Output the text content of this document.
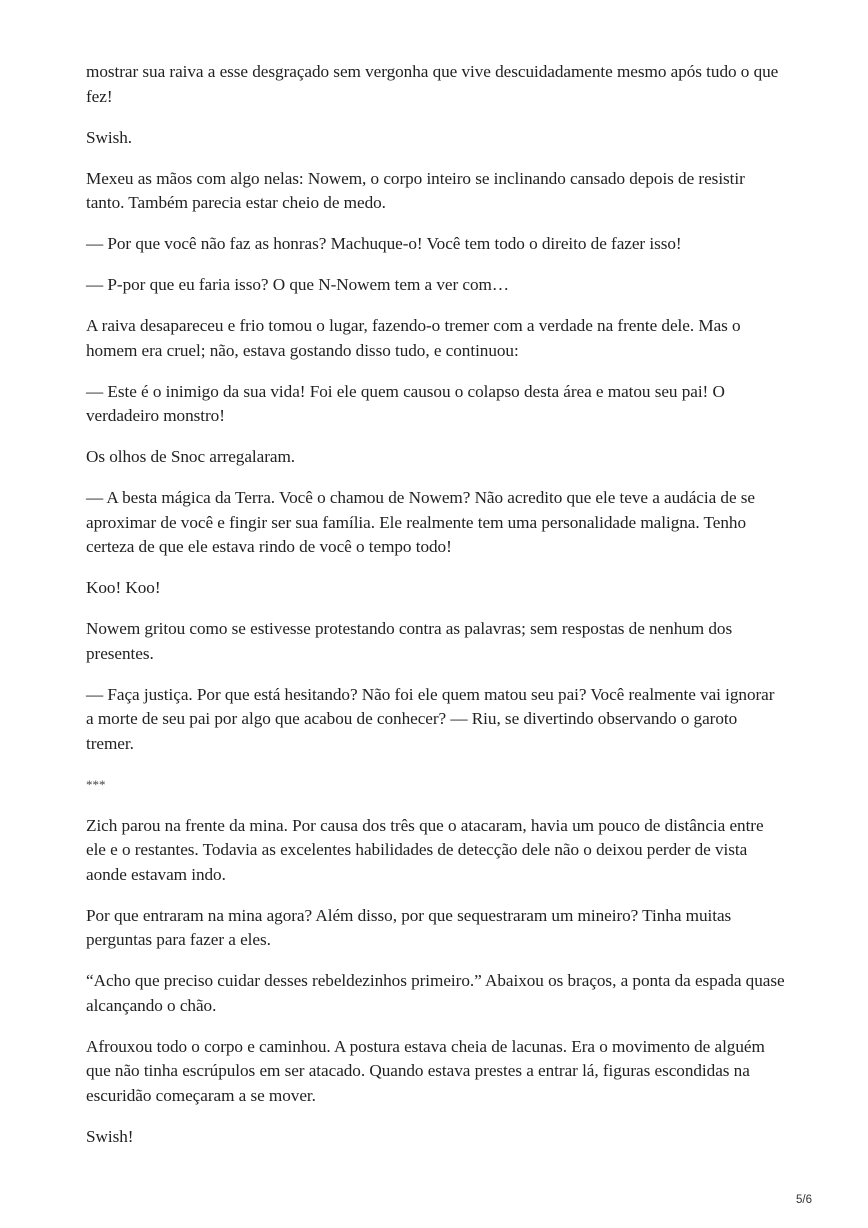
mostrar sua raiva a esse desgraçado sem vergonha que vive descuidadamente mesmo após tudo o que fez!

Swish.

Mexeu as mãos com algo nelas: Nowem, o corpo inteiro se inclinando cansado depois de resistir tanto. Também parecia estar cheio de medo.

— Por que você não faz as honras? Machuque-o! Você tem todo o direito de fazer isso!

— P-por que eu faria isso? O que N-Nowem tem a ver com…

A raiva desapareceu e frio tomou o lugar, fazendo-o tremer com a verdade na frente dele. Mas o homem era cruel; não, estava gostando disso tudo, e continuou:

— Este é o inimigo da sua vida! Foi ele quem causou o colapso desta área e matou seu pai! O verdadeiro monstro!

Os olhos de Snoc arregalaram.

— A besta mágica da Terra. Você o chamou de Nowem? Não acredito que ele teve a audácia de se aproximar de você e fingir ser sua família. Ele realmente tem uma personalidade maligna. Tenho certeza de que ele estava rindo de você o tempo todo!

Koo! Koo!

Nowem gritou como se estivesse protestando contra as palavras; sem respostas de nenhum dos presentes.

— Faça justiça. Por que está hesitando? Não foi ele quem matou seu pai? Você realmente vai ignorar a morte de seu pai por algo que acabou de conhecer? — Riu, se divertindo observando o garoto tremer.

***

Zich parou na frente da mina. Por causa dos três que o atacaram, havia um pouco de distância entre ele e o restantes. Todavia as excelentes habilidades de detecção dele não o deixou perder de vista aonde estavam indo.

Por que entraram na mina agora? Além disso, por que sequestraram um mineiro? Tinha muitas perguntas para fazer a eles.

“Acho que preciso cuidar desses rebeldezinhos primeiro.” Abaixou os braços, a ponta da espada quase alcançando o chão.

Afrouxou todo o corpo e caminhou. A postura estava cheia de lacunas. Era o movimento de alguém que não tinha escrúpulos em ser atacado. Quando estava prestes a entrar lá, figuras escondidas na escuridão começaram a se mover.

Swish!

5/6
